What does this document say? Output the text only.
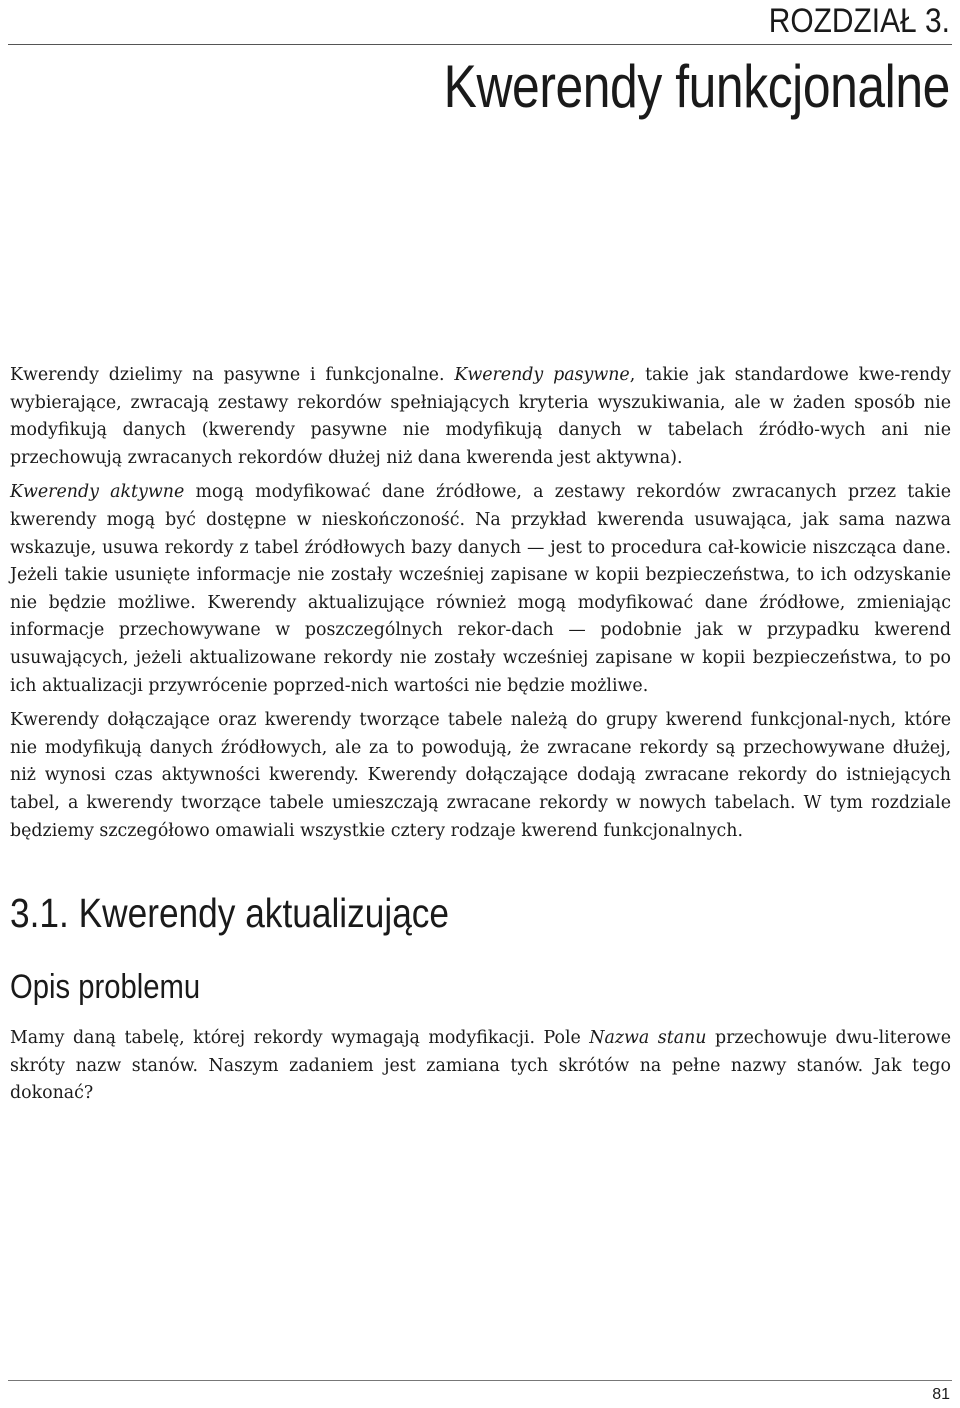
ROZDZIAŁ 3.
Kwerendy funkcjonalne

Kwerendy dzielimy na pasywne i funkcjonalne. Kwerendy pasywne, takie jak standardowe kwe-rendy wybierające, zwracają zestawy rekordów spełniających kryteria wyszukiwania, ale w żaden sposób nie modyfikują danych (kwerendy pasywne nie modyfikują danych w tabelach źródło-wych ani nie przechowują zwracanych rekordów dłużej niż dana kwerenda jest aktywna).

Kwerendy aktywne mogą modyfikować dane źródłowe, a zestawy rekordów zwracanych przez takie kwerendy mogą być dostępne w nieskończoność. Na przykład kwerenda usuwająca, jak sama nazwa wskazuje, usuwa rekordy z tabel źródłowych bazy danych — jest to procedura cał-kowicie niszcząca dane. Jeżeli takie usunięte informacje nie zostały wcześniej zapisane w kopii bezpieczeństwa, to ich odzyskanie nie będzie możliwe. Kwerendy aktualizujące również mogą modyfikować dane źródłowe, zmieniając informacje przechowywane w poszczególnych rekor-dach — podobnie jak w przypadku kwerend usuwających, jeżeli aktualizowane rekordy nie zostały wcześniej zapisane w kopii bezpieczeństwa, to po ich aktualizacji przywrócenie poprzed-nich wartości nie będzie możliwe.

Kwerendy dołączające oraz kwerendy tworzące tabele należą do grupy kwerend funkcjonal-nych, które nie modyfikują danych źródłowych, ale za to powodują, że zwracane rekordy są przechowywane dłużej, niż wynosi czas aktywności kwerendy. Kwerendy dołączające dodają zwracane rekordy do istniejących tabel, a kwerendy tworzące tabele umieszczają zwracane rekordy w nowych tabelach. W tym rozdziale będziemy szczegółowo omawiali wszystkie cztery rodzaje kwerend funkcjonalnych.

3.1. Kwerendy aktualizujące
Opis problemu

Mamy daną tabelę, której rekordy wymagają modyfikacji. Pole Nazwa stanu przechowuje dwu-literowe skróty nazw stanów. Naszym zadaniem jest zamiana tych skrótów na pełne nazwy stanów. Jak tego dokonać?

81
